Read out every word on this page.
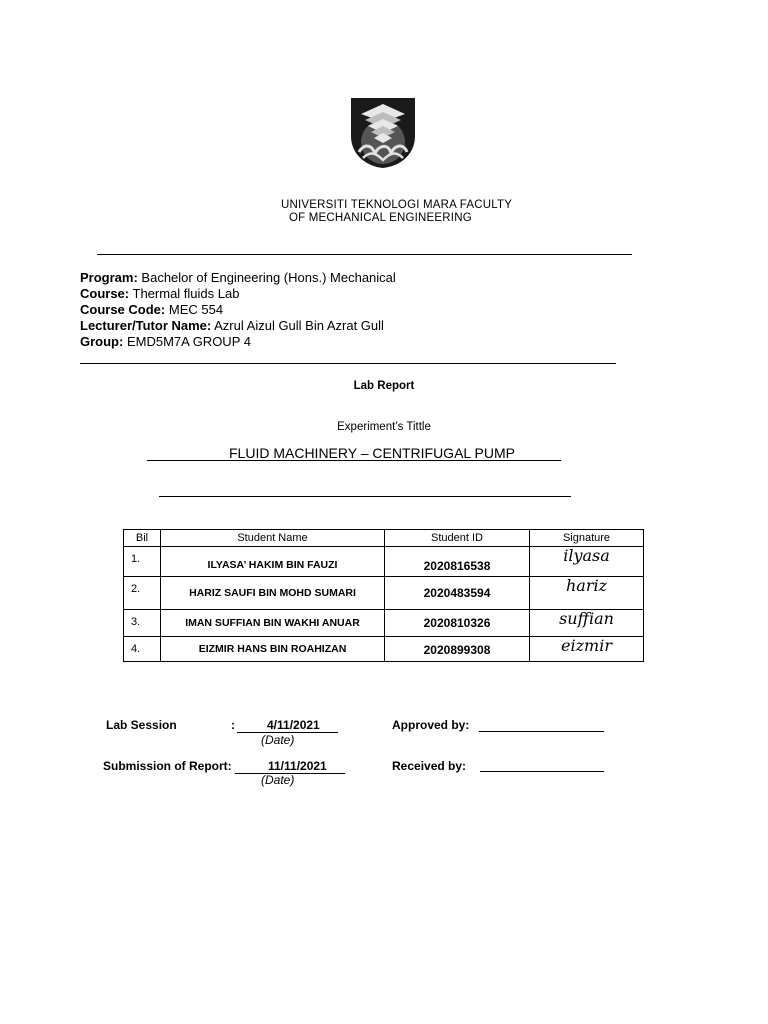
UNIVERSITI TEKNOLOGI MARA FACULTY
OF MECHANICAL ENGINEERING
Program: Bachelor of Engineering (Hons.) Mechanical
Course: Thermal fluids Lab
Course Code: MEC 554
Lecturer/Tutor Name: Azrul Aizul Gull Bin Azrat Gull
Group: EMD5M7A GROUP 4
Lab Report
Experiment’s Tittle
FLUID MACHINERY – CENTRIFUGAL PUMP
Bil	Student Name	Student ID	Signature
1.	ILYASA’ HAKIM BIN FAUZI	2020816538	ilyasa
2.	HARIZ SAUFI BIN MOHD SUMARI	2020483594	hariz
3.	IMAN SUFFIAN BIN WAKHI ANUAR	2020810326	suffian
4.	EIZMIR HANS BIN ROAHIZAN	2020899308	eizmir
Lab Session	:	4/11/2021
(Date)
Approved by:
Submission of Report:	11/11/2021
(Date)
Received by:
